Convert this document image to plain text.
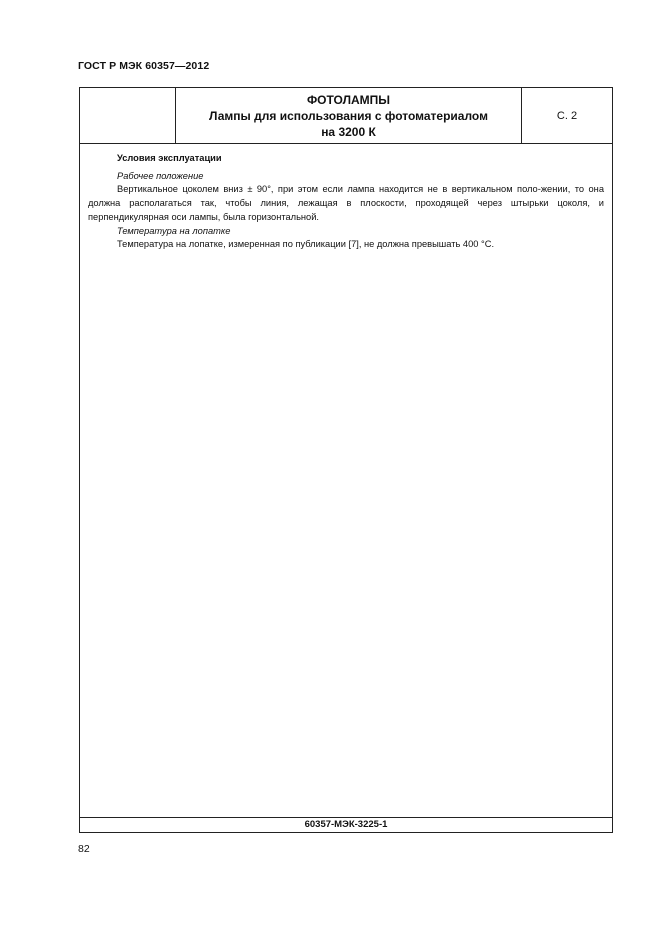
ГОСТ Р МЭК 60357—2012
ФОТОЛАМПЫ
Лампы для использования с фотоматериалом
на 3200 К
С. 2
Условия эксплуатации
Рабочее положение

Вертикальное цоколем вниз ± 90°, при этом если лампа находится не в вертикальном поло-жении, то она должна располагаться так, чтобы линия, лежащая в плоскости, проходящей через штырьки цоколя, и перпендикулярная оси лампы, была горизонтальной.

Температура на лопатке

Температура на лопатке, измеренная по публикации [7], не должна превышать 400 °С.

60357-МЭК-3225-1
82
